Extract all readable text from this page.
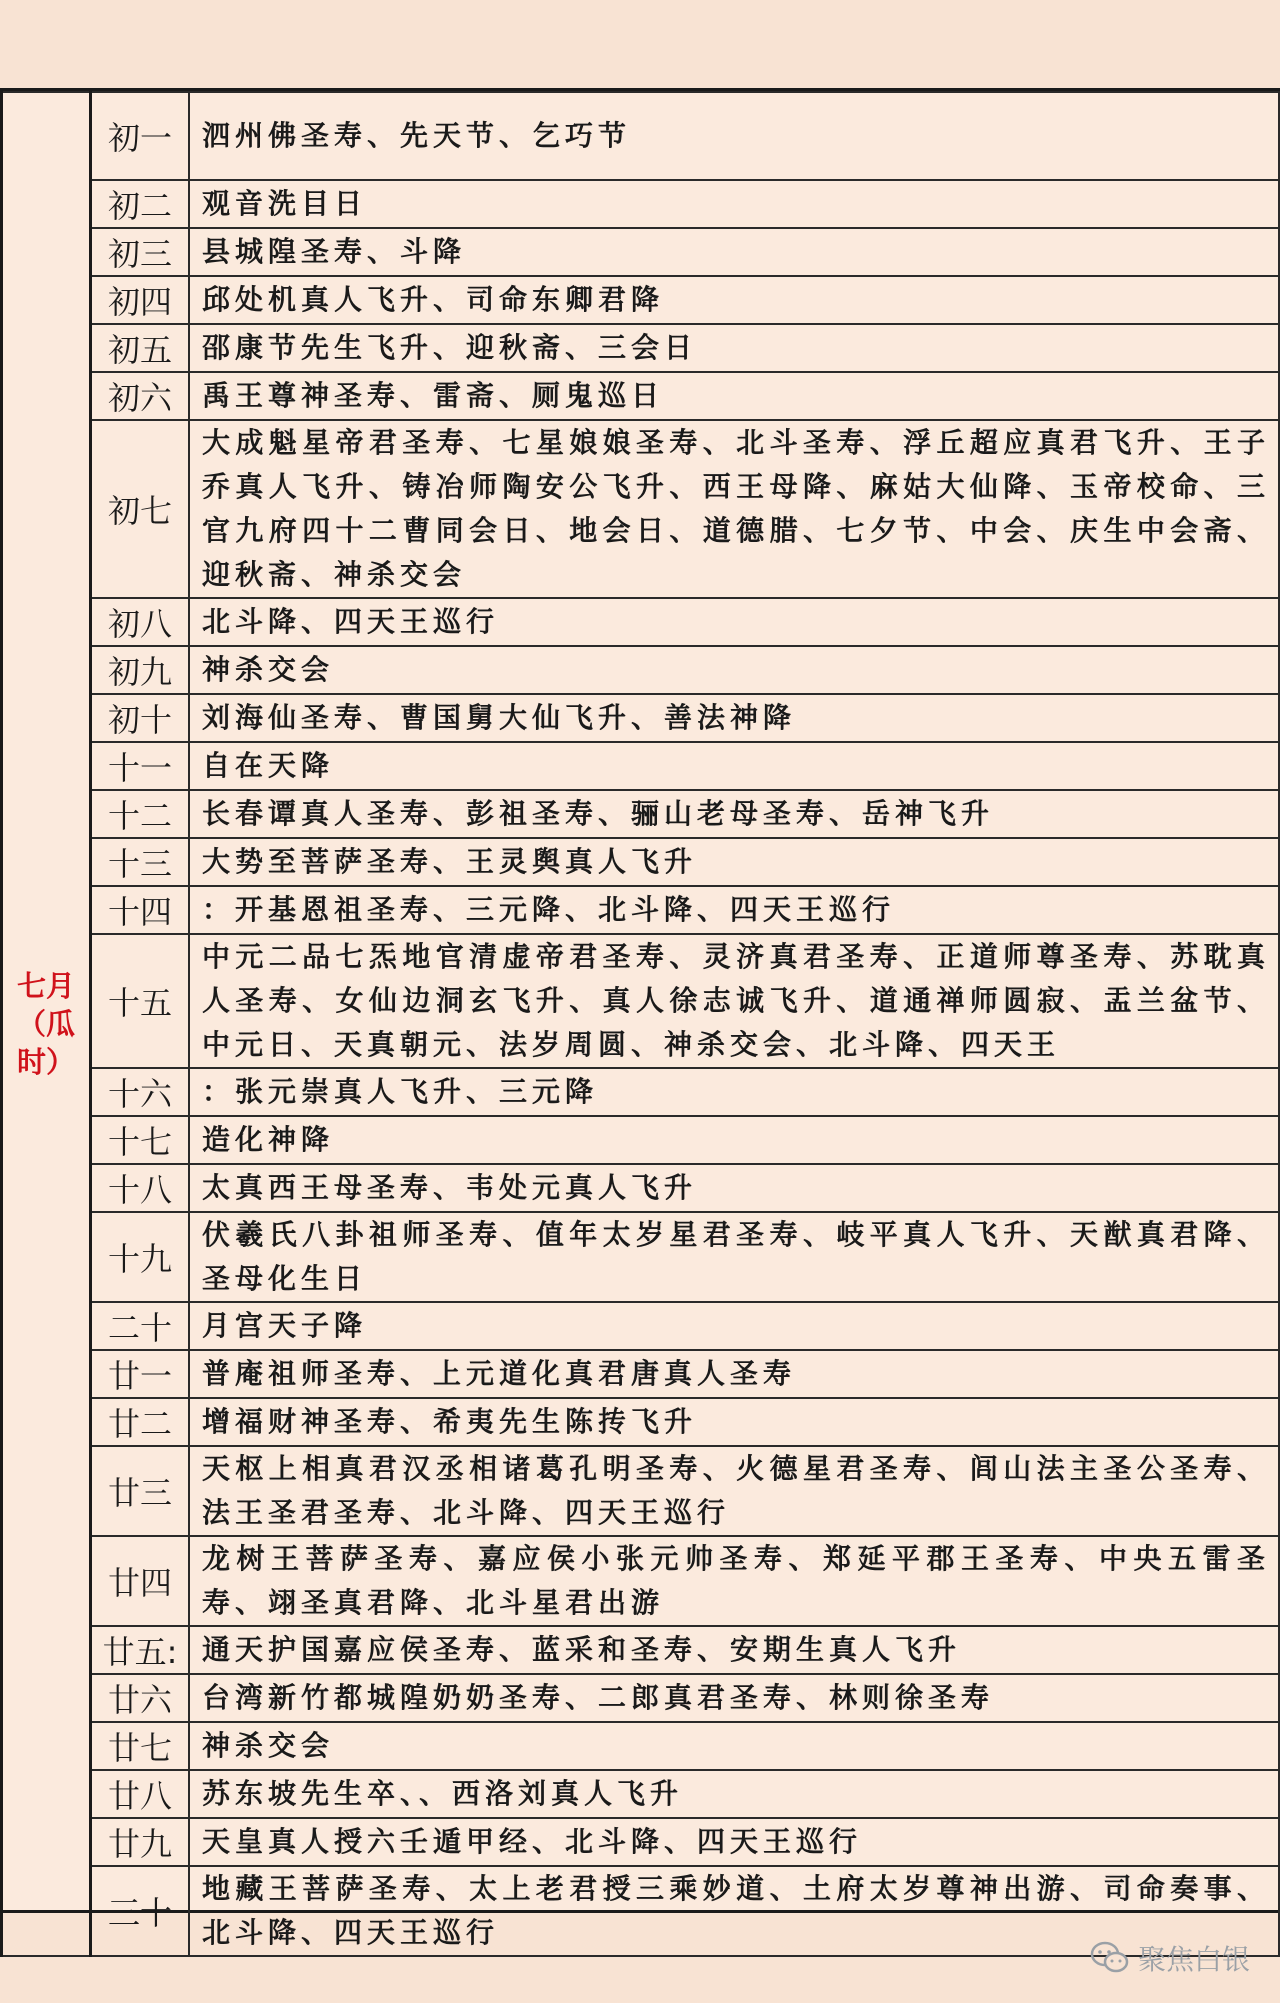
七月
（瓜
时）	初一	泗州佛圣寿、先天节、乞巧节
	初二	观音洗目日
	初三	县城隍圣寿、斗降
	初四	邱处机真人飞升、司命东卿君降
	初五	邵康节先生飞升、迎秋斋、三会日
	初六	禹王尊神圣寿、雷斋、厕鬼巡日
	初七	大成魁星帝君圣寿、七星娘娘圣寿、北斗圣寿、浮丘超应真君飞升、王子乔真人飞升、铸冶师陶安公飞升、西王母降、麻姑大仙降、玉帝校命、三官九府四十二曹同会日、地会日、道德腊、七夕节、中会、庆生中会斋、迎秋斋、神杀交会
	初八	北斗降、四天王巡行
	初九	神杀交会
	初十	刘海仙圣寿、曹国舅大仙飞升、善法神降
	十一	自在天降
	十二	长春谭真人圣寿、彭祖圣寿、骊山老母圣寿、岳神飞升
	十三	大势至菩萨圣寿、王灵舆真人飞升
	十四	：开基恩祖圣寿、三元降、北斗降、四天王巡行
	十五	中元二品七炁地官清虚帝君圣寿、灵济真君圣寿、正道师尊圣寿、苏耽真人圣寿、女仙边洞玄飞升、真人徐志诚飞升、道通禅师圆寂、盂兰盆节、中元日、天真朝元、法岁周圆、神杀交会、北斗降、四天王
	十六	：张元崇真人飞升、三元降
	十七	造化神降
	十八	太真西王母圣寿、韦处元真人飞升
	十九	伏羲氏八卦祖师圣寿、值年太岁星君圣寿、岐平真人飞升、天猷真君降、圣母化生日
	二十	月宫天子降
	廿一	普庵祖师圣寿、上元道化真君唐真人圣寿
	廿二	增福财神圣寿、希夷先生陈抟飞升
	廿三	天枢上相真君汉丞相诸葛孔明圣寿、火德星君圣寿、闾山法主圣公圣寿、法王圣君圣寿、北斗降、四天王巡行
	廿四	龙树王菩萨圣寿、嘉应侯小张元帅圣寿、郑延平郡王圣寿、中央五雷圣寿、翊圣真君降、北斗星君出游
	廿五:	通天护国嘉应侯圣寿、蓝采和圣寿、安期生真人飞升
	廿六	台湾新竹都城隍奶奶圣寿、二郎真君圣寿、林则徐圣寿
	廿七	神杀交会
	廿八	苏东坡先生卒、、西洛刘真人飞升
	廿九	天皇真人授六壬遁甲经、北斗降、四天王巡行
	三十	地藏王菩萨圣寿、太上老君授三乘妙道、土府太岁尊神出游、司命奏事、北斗降、四天王巡行
聚焦白银
